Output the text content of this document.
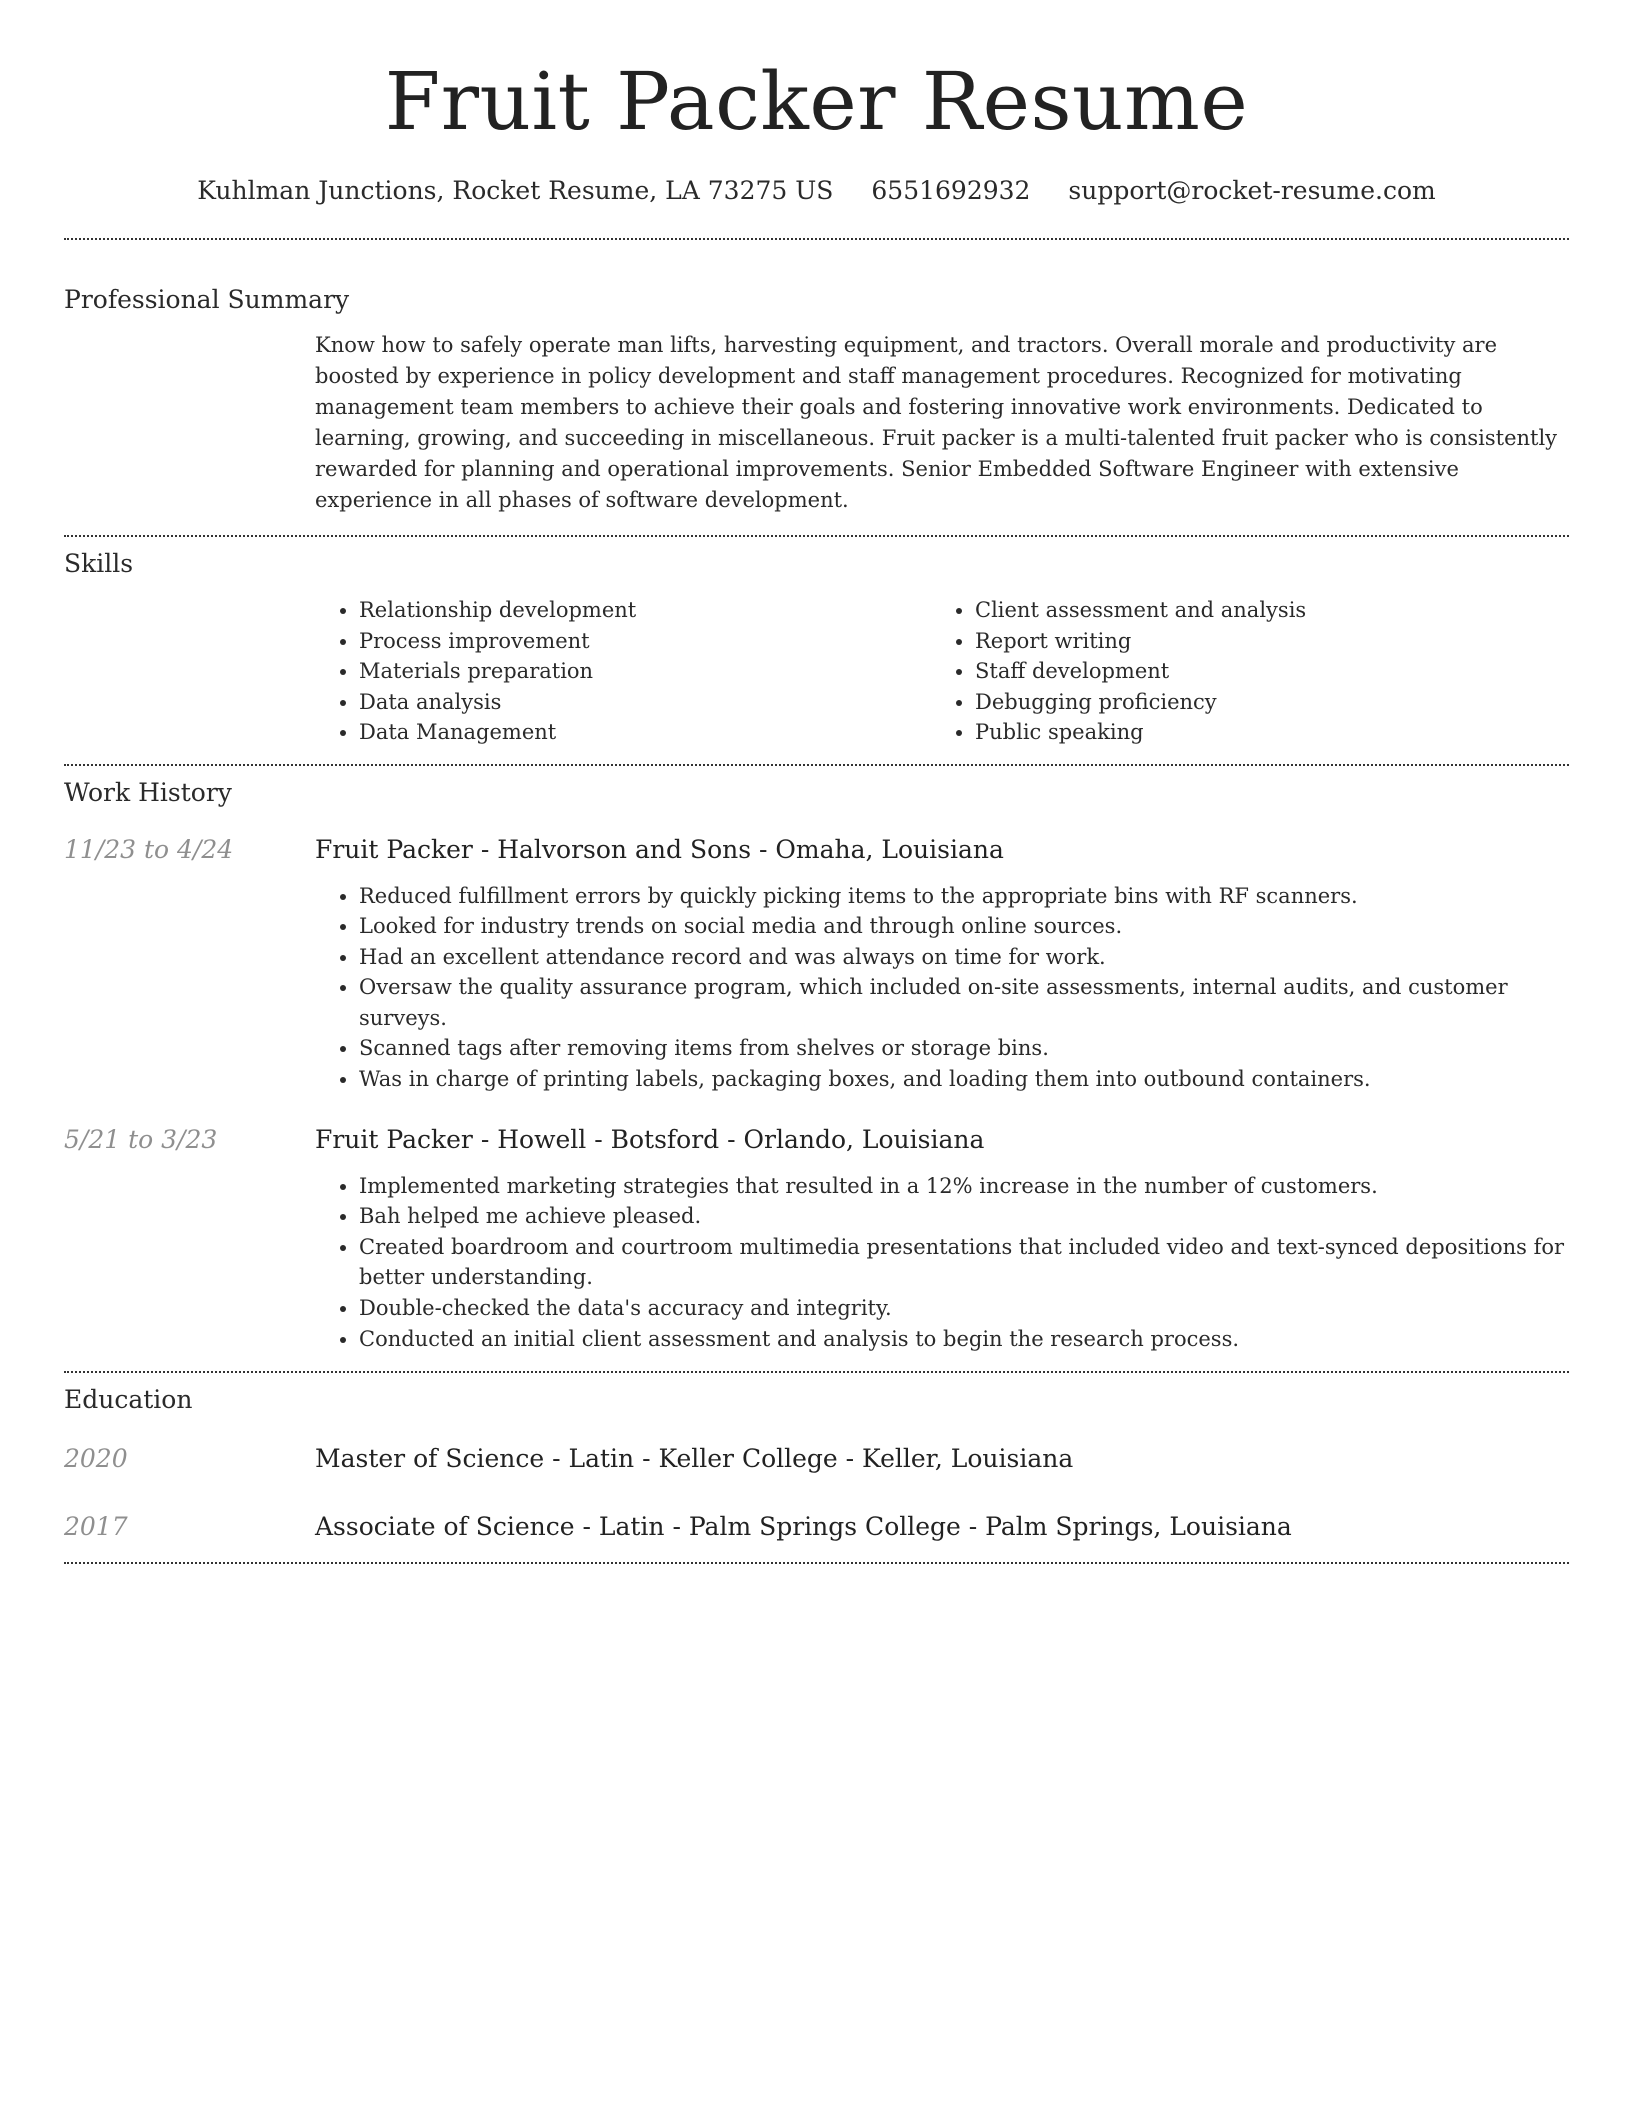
Fruit Packer Resume
Kuhlman Junctions, Rocket Resume, LA 73275 US 6551692932 support@rocket-resume.com
Professional Summary

Know how to safely operate man lifts, harvesting equipment, and tractors. Overall morale and productivity are boosted by experience in policy development and staff management procedures. Recognized for motivating management team members to achieve their goals and fostering innovative work environments. Dedicated to learning, growing, and succeeding in miscellaneous. Fruit packer is a multi-talented fruit packer who is consistently rewarded for planning and operational improvements. Senior Embedded Software Engineer with extensive experience in all phases of software development.

Skills
• Relationship development
• Process improvement
• Materials preparation
• Data analysis
• Data Management
• Client assessment and analysis
• Report writing
• Staff development
• Debugging proficiency
• Public speaking
Work History
11/23 to 4/24	Fruit Packer - Halvorson and Sons - Omaha, Louisiana
• Reduced fulfillment errors by quickly picking items to the appropriate bins with RF scanners.
• Looked for industry trends on social media and through online sources.
• Had an excellent attendance record and was always on time for work.
• Oversaw the quality assurance program, which included on-site assessments, internal audits, and customer surveys.
• Scanned tags after removing items from shelves or storage bins.
• Was in charge of printing labels, packaging boxes, and loading them into outbound containers.
5/21 to 3/23	Fruit Packer - Howell - Botsford - Orlando, Louisiana
• Implemented marketing strategies that resulted in a 12% increase in the number of customers.
• Bah helped me achieve pleased.
• Created boardroom and courtroom multimedia presentations that included video and text-synced depositions for better understanding.
• Double-checked the data's accuracy and integrity.
• Conducted an initial client assessment and analysis to begin the research process.
Education
2020	Master of Science - Latin - Keller College - Keller, Louisiana
2017	Associate of Science - Latin - Palm Springs College - Palm Springs, Louisiana
